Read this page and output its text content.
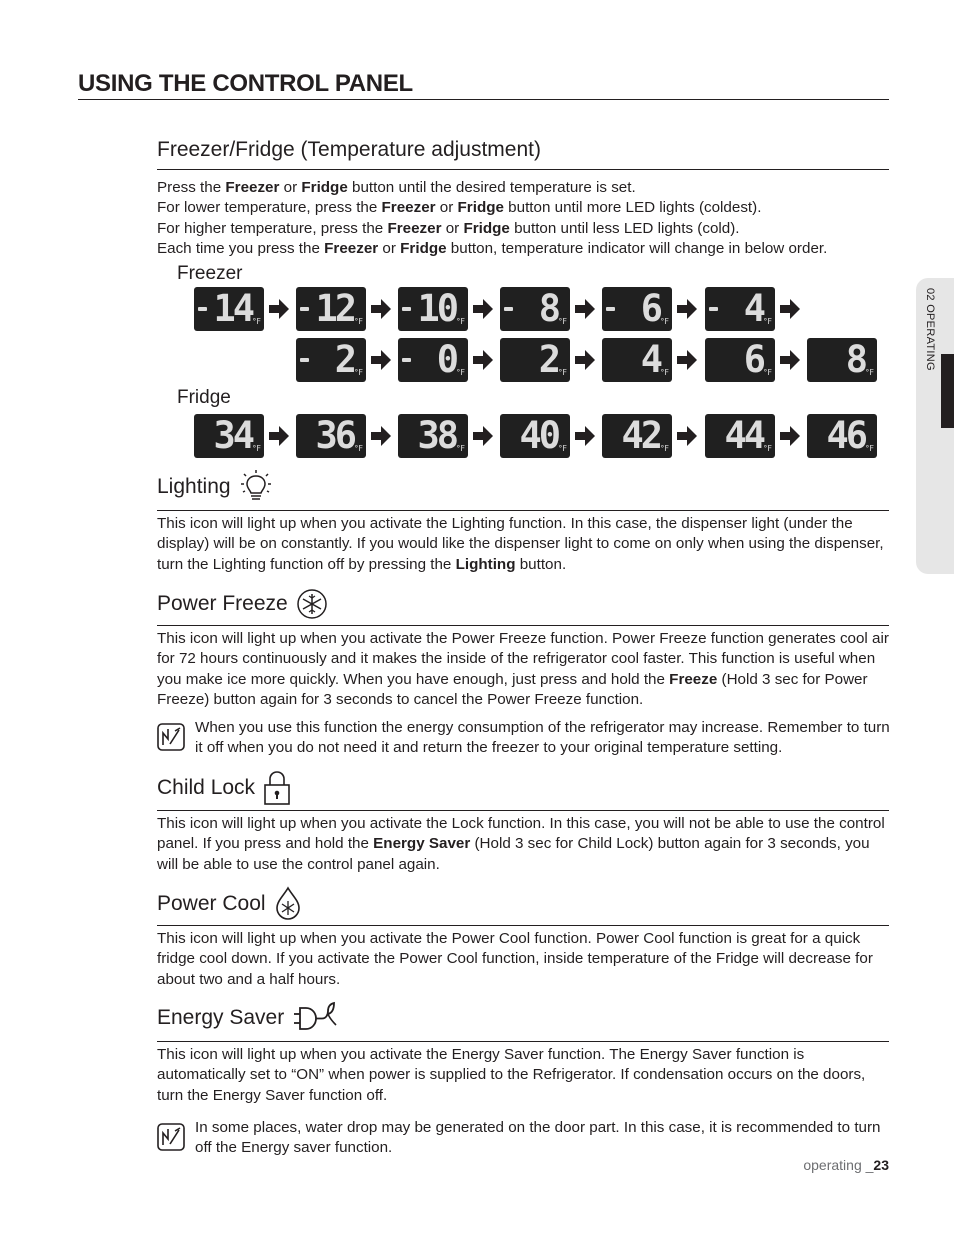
USING THE CONTROL PANEL
02 OPERATING
Freezer/Fridge (Temperature adjustment)

Press the Freezer or Fridge button until the desired temperature is set.

For lower temperature, press the Freezer or Fridge button until more LED lights (coldest).

For higher temperature, press the Freezer or Fridge button until less LED lights (cold).

Each time you press the Freezer or Fridge button, temperature indicator will change in below order.

Freezer
Fridge
14 °F 12 °F 10 °F	8 °F	6 °F	4 °F
2 °F	0 °F	2 °F	4 °F	6 °F	8 °F
34 °F 36 °F 38 °F 40 °F 42 °F 44 °F 46 °F
Lighting

This icon will light up when you activate the Lighting function. In this case, the dispenser light (under the display) will be on constantly. If you would like the dispenser light to come on only when using the dispenser, turn the Lighting function off by pressing the Lighting button.

Power Freeze

This icon will light up when you activate the Power Freeze function. Power Freeze function generates cool air for 72 hours continuously and it makes the inside of the refrigerator cool faster. This function is useful when you make ice more quickly. When you have enough, just press and hold the Freeze (Hold 3 sec for Power Freeze) button again for 3 seconds to cancel the Power Freeze function.

When you use this function the energy consumption of the refrigerator may increase. Remember to turn it off when you do not need it and return the freezer to your original temperature setting.
Child Lock

This icon will light up when you activate the Lock function. In this case, you will not be able to use the control panel. If you press and hold the Energy Saver (Hold 3 sec for Child Lock) button again for 3 seconds, you will be able to use the control panel again.

Power Cool
This icon will light up when you activate the Power Cool function. Power Cool function is great for a quick fridge cool down. If you activate the Power Cool function, inside temperature of the Fridge will decrease for about two and a half hours.
Energy Saver
This icon will light up when you activate the Energy Saver function. The Energy Saver function is automatically set to “ON” when power is supplied to the Refrigerator. If condensation occurs on the doors, turn the Energy Saver function off.
In some places, water drop may be generated on the door part. In this case, it is recommended to turn off the Energy saver function.
operating _23
